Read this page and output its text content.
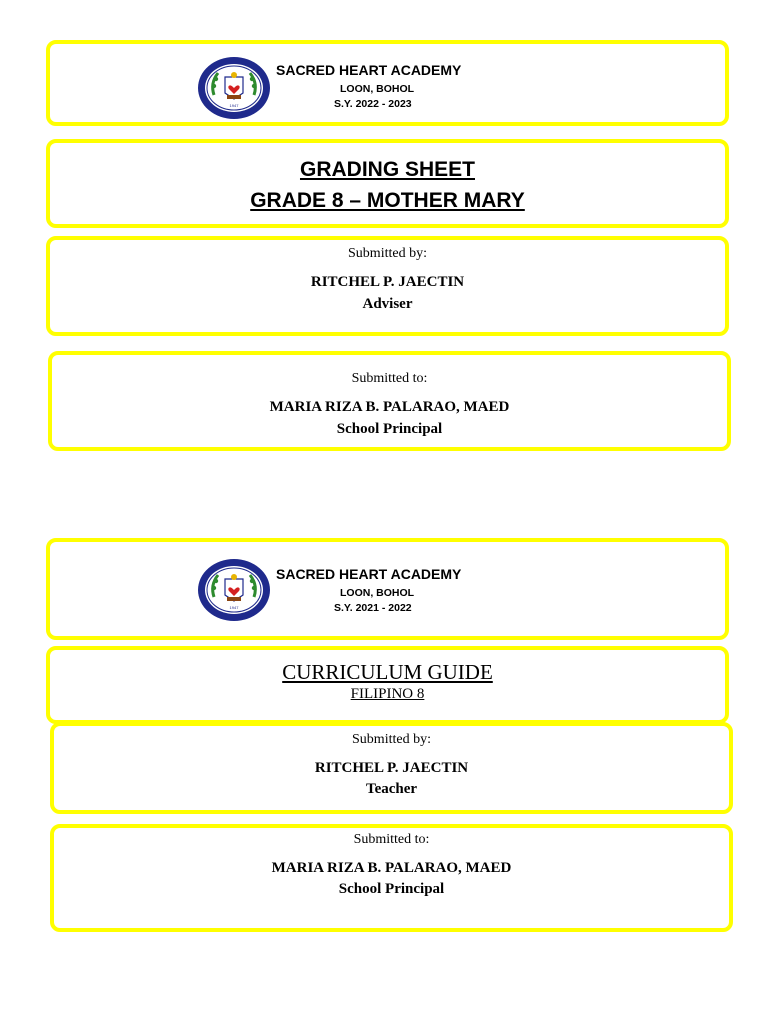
SACRED HEART ACADEMY
LOON, BOHOL
S.Y. 2022 - 2023
GRADING SHEET
GRADE 8 – MOTHER MARY
Submitted by:
RITCHEL P. JAECTIN
Adviser
Submitted to:
MARIA RIZA B. PALARAO, MAED
School Principal
SACRED HEART ACADEMY
LOON, BOHOL
S.Y. 2021 - 2022
CURRICULUM GUIDE
FILIPINO 8
Submitted by:
RITCHEL P. JAECTIN
Teacher
Submitted to:
MARIA RIZA B. PALARAO, MAED
School Principal
